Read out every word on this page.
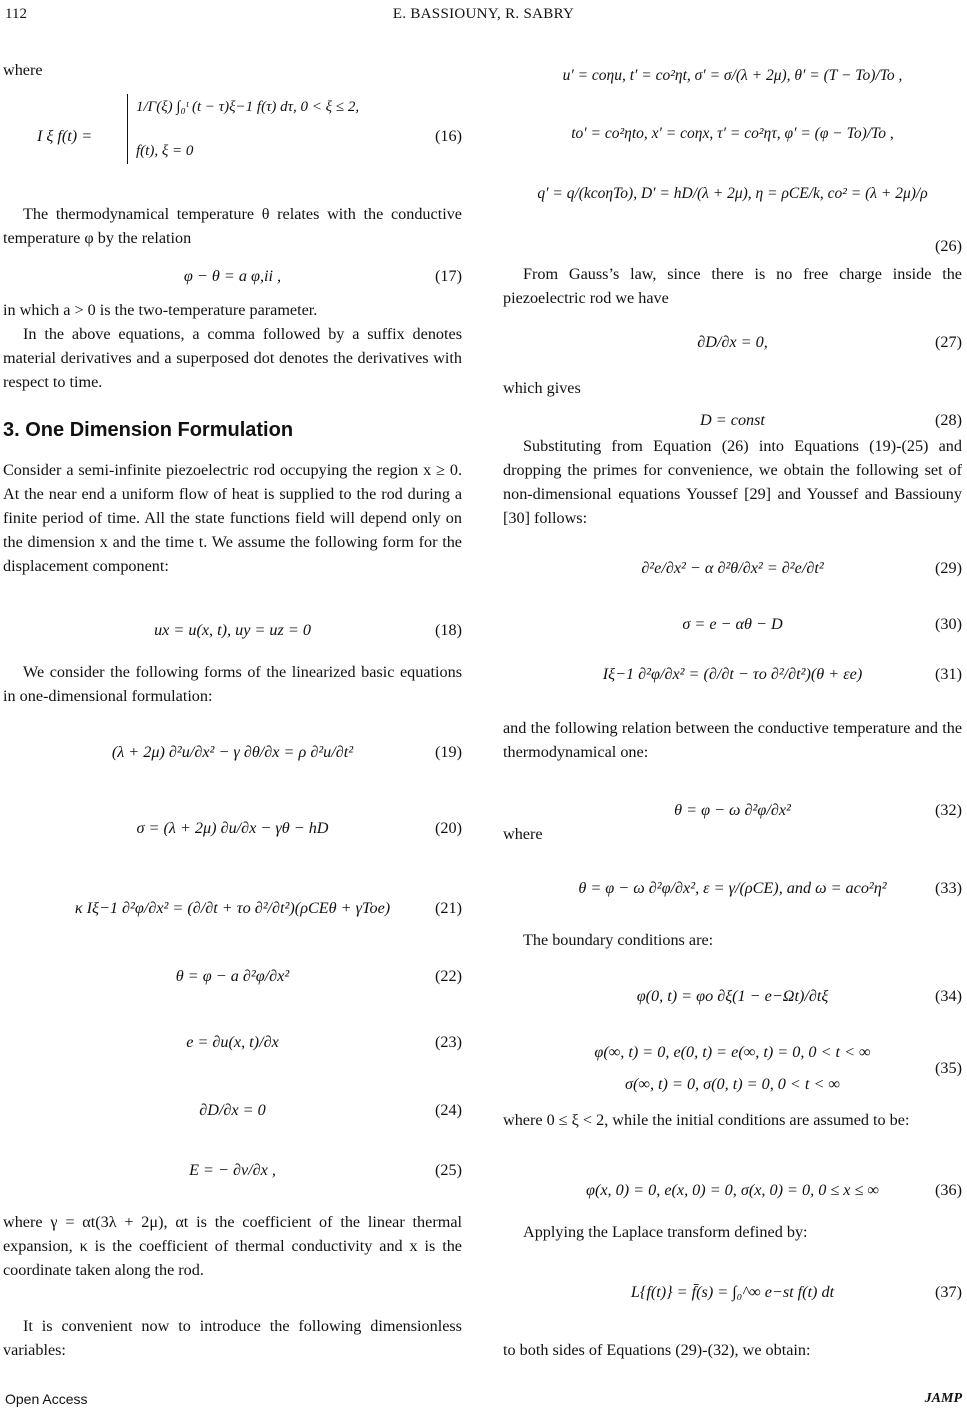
112	E. BASSIOUNY, R. SABRY

where

I ξ f(t) =
1/Γ(ξ) ∫₀ᵗ (t − τ)ξ−1 f(τ) dτ, 0 < ξ ≤ 2,
f(t), ξ = 0
(16)

The thermodynamical temperature θ relates with the conductive temperature φ by the relation

φ − θ = a φ,ii ,	(17)

in which a > 0 is the two-temperature parameter.

In the above equations, a comma followed by a suffix denotes material derivatives and a superposed dot denotes the derivatives with respect to time.

3. One Dimension Formulation

Consider a semi-infinite piezoelectric rod occupying the region x ≥ 0. At the near end a uniform flow of heat is supplied to the rod during a finite period of time. All the state functions field will depend only on the dimension x and the time t. We assume the following form for the displacement component:

ux = u(x, t), uy = uz = 0	(18)

We consider the following forms of the linearized basic equations in one-dimensional formulation:

(λ + 2μ) ∂²u/∂x² − γ ∂θ/∂x = ρ ∂²u/∂t²	(19)
σ = (λ + 2μ) ∂u/∂x − γθ − hD	(20)
κ Iξ−1 ∂²φ/∂x² = (∂/∂t + τo ∂²/∂t²)(ρCEθ + γToe)	(21)
θ = φ − a ∂²φ/∂x²	(22)
e = ∂u(x, t)/∂x	(23)
∂D/∂x = 0	(24)
E = − ∂v/∂x ,	(25)

where γ = αt(3λ + 2μ), αt is the coefficient of the linear thermal expansion, κ is the coefficient of thermal conductivity and x is the coordinate taken along the rod.

It is convenient now to introduce the following dimensionless variables:

u′ = coηu, t′ = co²ηt, σ′ = σ/(λ + 2μ), θ′ = (T − To)/To ,
to′ = co²ηto, x′ = coηx, τ′ = co²ητ, φ′ = (φ − To)/To ,
q′ = q/(kcoηTo), D′ = hD/(λ + 2μ), η = ρCE/k, co² = (λ + 2μ)/ρ
(26)

From Gauss’s law, since there is no free charge inside the piezoelectric rod we have

∂D/∂x = 0,	(27)

which gives

D = const	(28)

Substituting from Equation (26) into Equations (19)-(25) and dropping the primes for convenience, we obtain the following set of non-dimensional equations Youssef [29] and Youssef and Bassiouny [30] follows:

∂²e/∂x² − α ∂²θ/∂x² = ∂²e/∂t²	(29)
σ = e − αθ − D	(30)
Iξ−1 ∂²φ/∂x² = (∂/∂t − τo ∂²/∂t²)(θ + εe)	(31)

and the following relation between the conductive temperature and the thermodynamical one:

θ = φ − ω ∂²φ/∂x²	(32)

where

θ = φ − ω ∂²φ/∂x², ε = γ/(ρCE), and ω = aco²η²	(33)

The boundary conditions are:

φ(0, t) = φo ∂ξ(1 − e−Ωt)/∂tξ	(34)
φ(∞, t) = 0, e(0, t) = e(∞, t) = 0, 0 < t < ∞
σ(∞, t) = 0, σ(0, t) = 0, 0 < t < ∞
(35)

where 0 ≤ ξ < 2, while the initial conditions are assumed to be:

φ(x, 0) = 0, e(x, 0) = 0, σ(x, 0) = 0, 0 ≤ x ≤ ∞	(36)

Applying the Laplace transform defined by:

L{f(t)} = f̄(s) = ∫₀^∞ e−st f(t) dt	(37)

to both sides of Equations (29)-(32), we obtain:

Open Access	JAMP
